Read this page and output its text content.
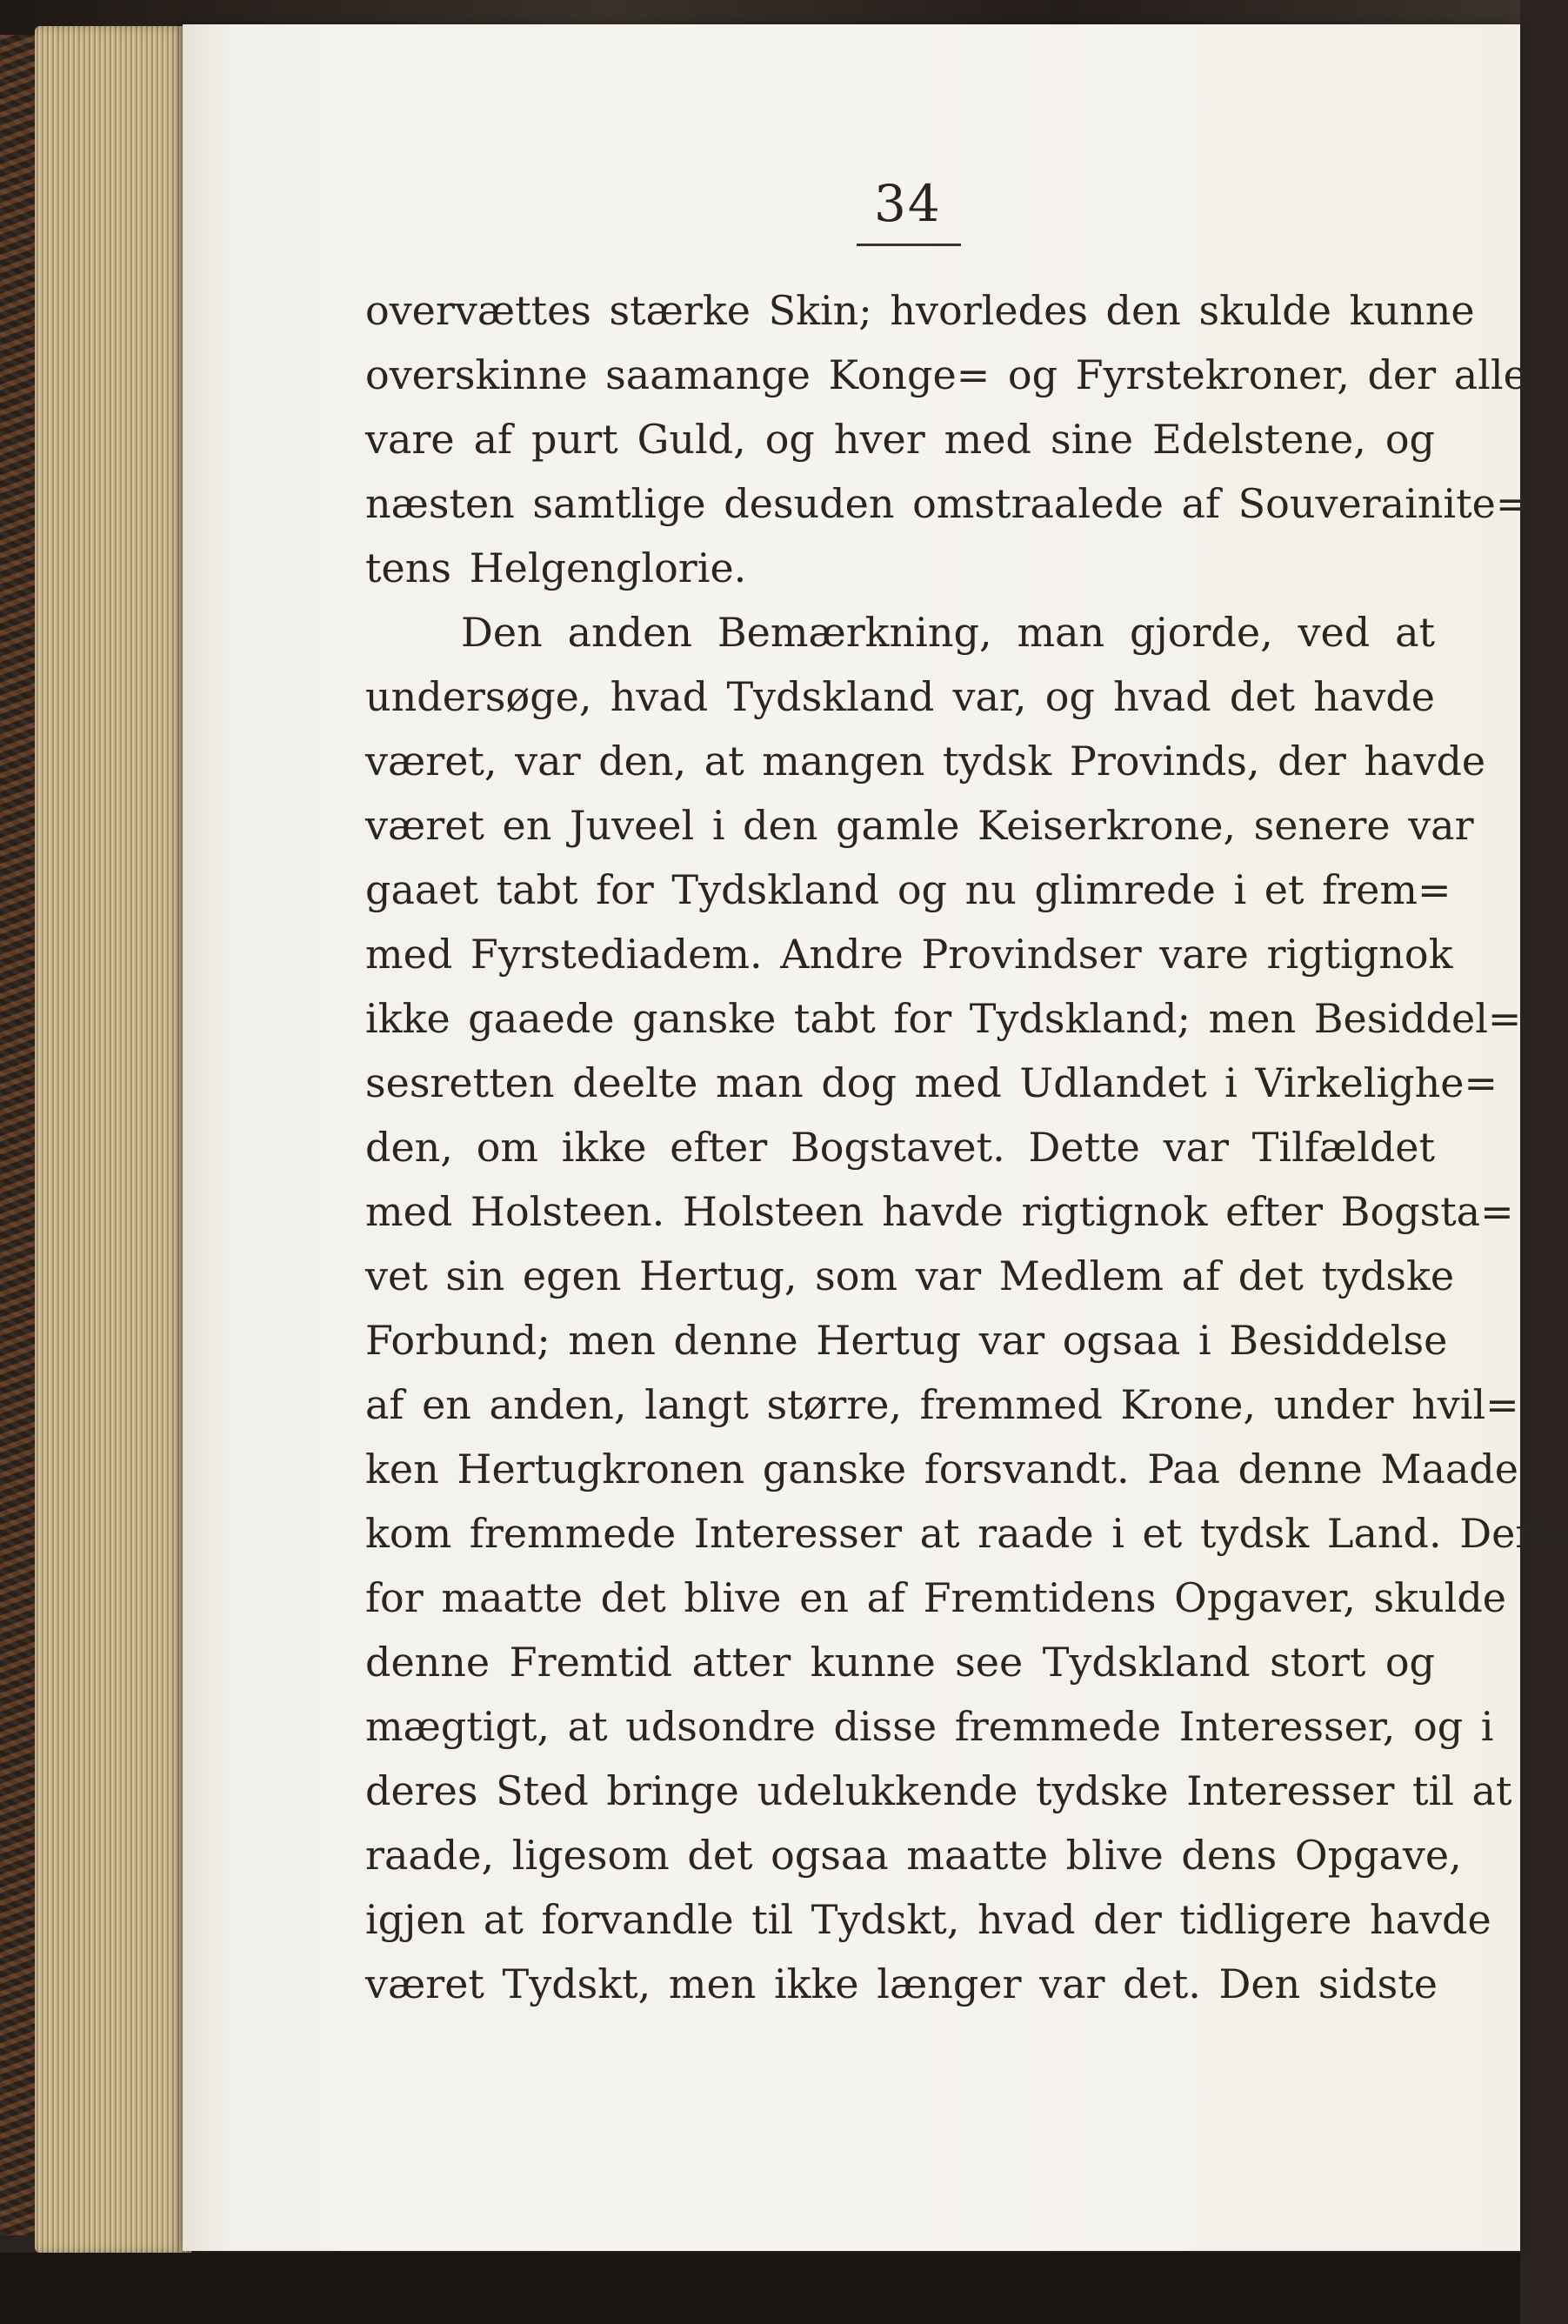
34
overvættes stærke Skin; hvorledes den skulde kunne
overskinne saamange Konge= og Fyrstekroner, der alle
vare af purt Guld, og hver med sine Edelstene, og
næsten samtlige desuden omstraalede af Souverainite=
tens Helgenglorie.
Den anden Bemærkning, man gjorde, ved at
undersøge, hvad Tydskland var, og hvad det havde
været, var den, at mangen tydsk Provinds, der havde
været en Juveel i den gamle Keiserkrone, senere var
gaaet tabt for Tydskland og nu glimrede i et frem=
med Fyrstediadem. Andre Provindser vare rigtignok
ikke gaaede ganske tabt for Tydskland; men Besiddel=
sesretten deelte man dog med Udlandet i Virkelighe=
den, om ikke efter Bogstavet. Dette var Tilfældet
med Holsteen. Holsteen havde rigtignok efter Bogsta=
vet sin egen Hertug, som var Medlem af det tydske
Forbund; men denne Hertug var ogsaa i Besiddelse
af en anden, langt større, fremmed Krone, under hvil=
ken Hertugkronen ganske forsvandt. Paa denne Maade
kom fremmede Interesser at raade i et tydsk Land. Der=
for maatte det blive en af Fremtidens Opgaver, skulde
denne Fremtid atter kunne see Tydskland stort og
mægtigt, at udsondre disse fremmede Interesser, og i
deres Sted bringe udelukkende tydske Interesser til at
raade, ligesom det ogsaa maatte blive dens Opgave,
igjen at forvandle til Tydskt, hvad der tidligere havde
været Tydskt, men ikke længer var det. Den sidste
